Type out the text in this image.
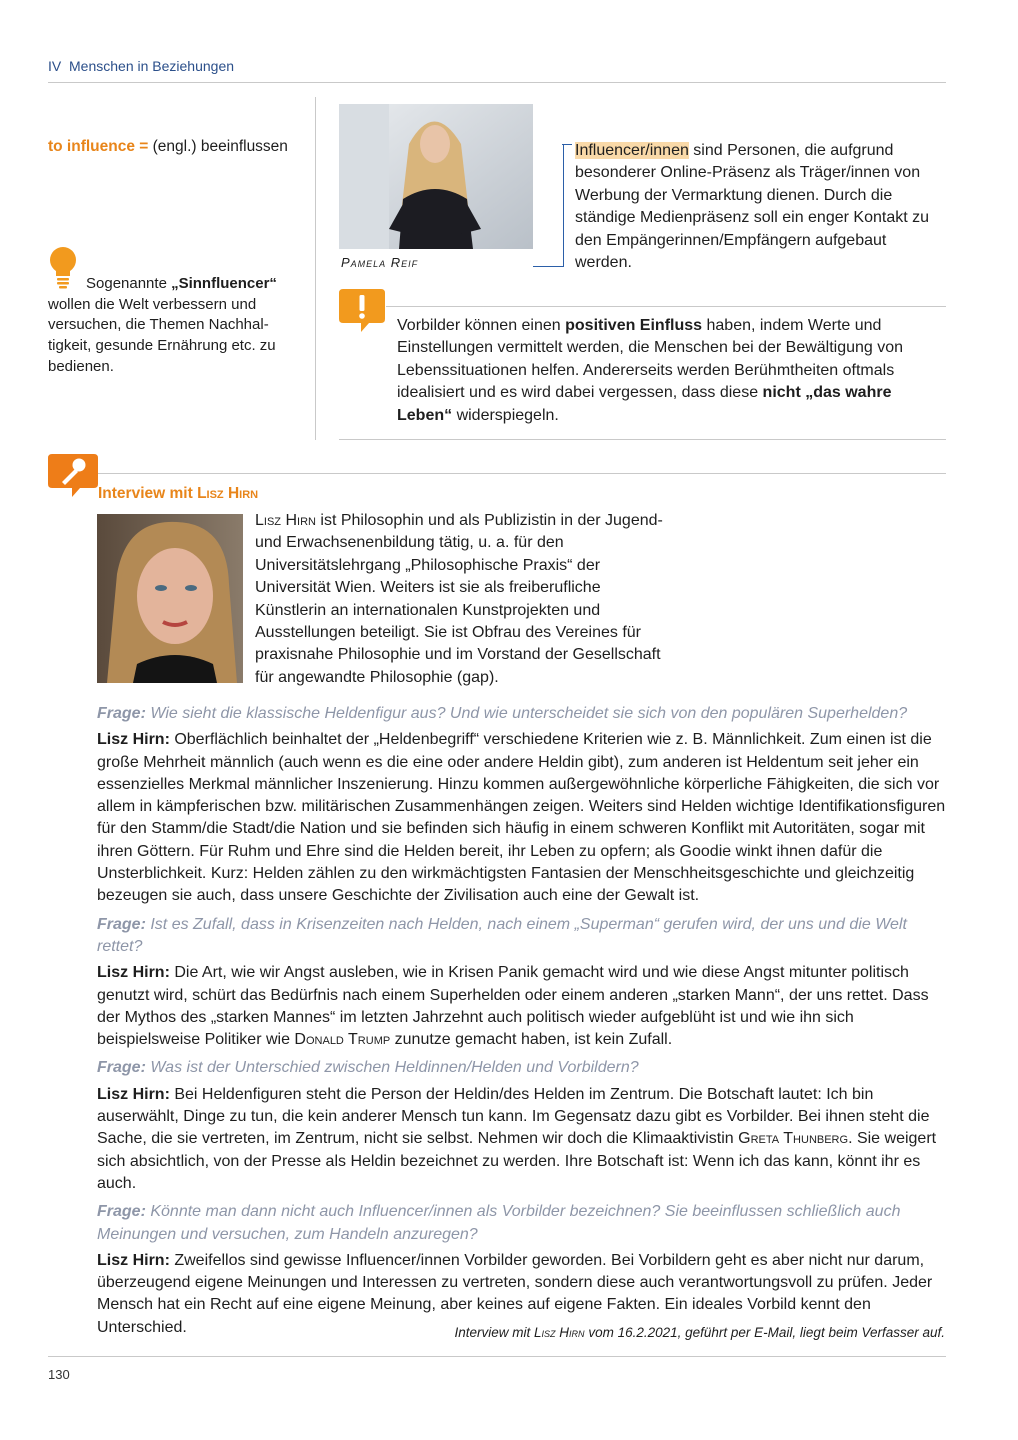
IV Menschen in Beziehungen
to influence = (engl.) beeinflussen
Sogenannte „Sinnfluencer“ wollen die Welt verbessern und versuchen, die Themen Nachhaltigkeit, gesunde Ernährung etc. zu bedienen.
Pamela Reif
Influencer/innen sind Personen, die aufgrund besonderer Online-Präsenz als Träger/innen von Werbung der Vermarktung dienen. Durch die ständige Medienpräsenz soll ein enger Kontakt zu den Empängerinnen/Empfängern aufgebaut werden.
Vorbilder können einen positiven Einfluss haben, indem Werte und Einstellungen vermittelt werden, die Menschen bei der Bewältigung von Lebenssituationen helfen. Andererseits werden Berühmtheiten oftmals idealisiert und es wird dabei vergessen, dass diese nicht „das wahre Leben“ widerspiegeln.
Interview mit Lisz Hirn
Lisz Hirn ist Philosophin und als Publizistin in der Jugend- und Erwachsenenbildung tätig, u. a. für den Universitätslehrgang „Philosophische Praxis“ der Universität Wien. Weiters ist sie als freiberufliche Künstlerin an internationalen Kunstprojekten und Ausstellungen beteiligt. Sie ist Obfrau des Vereines für praxisnahe Philosophie und im Vorstand der Gesellschaft für angewandte Philosophie (gap).

Frage: Wie sieht die klassische Heldenfigur aus? Und wie unterscheidet sie sich von den populären Superhelden?

Lisz Hirn: Oberflächlich beinhaltet der „Heldenbegriff“ verschiedene Kriterien wie z. B. Männlichkeit. Zum einen ist die große Mehrheit männlich (auch wenn es die eine oder andere Heldin gibt), zum anderen ist Heldentum seit jeher ein essenzielles Merkmal männlicher Inszenierung. Hinzu kommen außergewöhnliche körperliche Fähigkeiten, die sich vor allem in kämpferischen bzw. militärischen Zusammenhängen zeigen. Weiters sind Helden wichtige Identifikationsfiguren für den Stamm/die Stadt/die Nation und sie befinden sich häufig in einem schweren Konflikt mit Autoritäten, sogar mit ihren Göttern. Für Ruhm und Ehre sind die Helden bereit, ihr Leben zu opfern; als Goodie winkt ihnen dafür die Unsterblichkeit. Kurz: Helden zählen zu den wirkmächtigsten Fantasien der Menschheitsgeschichte und gleichzeitig bezeugen sie auch, dass unsere Geschichte der Zivilisation auch eine der Gewalt ist.

Frage: Ist es Zufall, dass in Krisenzeiten nach Helden, nach einem „Superman“ gerufen wird, der uns und die Welt rettet?

Lisz Hirn: Die Art, wie wir Angst ausleben, wie in Krisen Panik gemacht wird und wie diese Angst mitunter politisch genutzt wird, schürt das Bedürfnis nach einem Superhelden oder einem anderen „starken Mann“, der uns rettet. Dass der Mythos des „starken Mannes“ im letzten Jahrzehnt auch politisch wieder aufgeblüht ist und wie ihn sich beispielsweise Politiker wie Donald Trump zunutze gemacht haben, ist kein Zufall.

Frage: Was ist der Unterschied zwischen Heldinnen/Helden und Vorbildern?

Lisz Hirn: Bei Heldenfiguren steht die Person der Heldin/des Helden im Zentrum. Die Botschaft lautet: Ich bin auserwählt, Dinge zu tun, die kein anderer Mensch tun kann. Im Gegensatz dazu gibt es Vorbilder. Bei ihnen steht die Sache, die sie vertreten, im Zentrum, nicht sie selbst. Nehmen wir doch die Klimaaktivistin Greta Thunberg. Sie weigert sich absichtlich, von der Presse als Heldin bezeichnet zu werden. Ihre Botschaft ist: Wenn ich das kann, könnt ihr es auch.

Frage: Könnte man dann nicht auch Influencer/innen als Vorbilder bezeichnen? Sie beeinflussen schließlich auch Meinungen und versuchen, zum Handeln anzuregen?

Lisz Hirn: Zweifellos sind gewisse Influencer/innen Vorbilder geworden. Bei Vorbildern geht es aber nicht nur darum, überzeugend eigene Meinungen und Interessen zu vertreten, sondern diese auch verantwortungsvoll zu prüfen. Jeder Mensch hat ein Recht auf eine eigene Meinung, aber keines auf eigene Fakten. Ein ideales Vorbild kennt den Unterschied.	Interview mit Lisz Hirn vom 16.2.2021, geführt per E-Mail, liegt beim Verfasser auf.
130
